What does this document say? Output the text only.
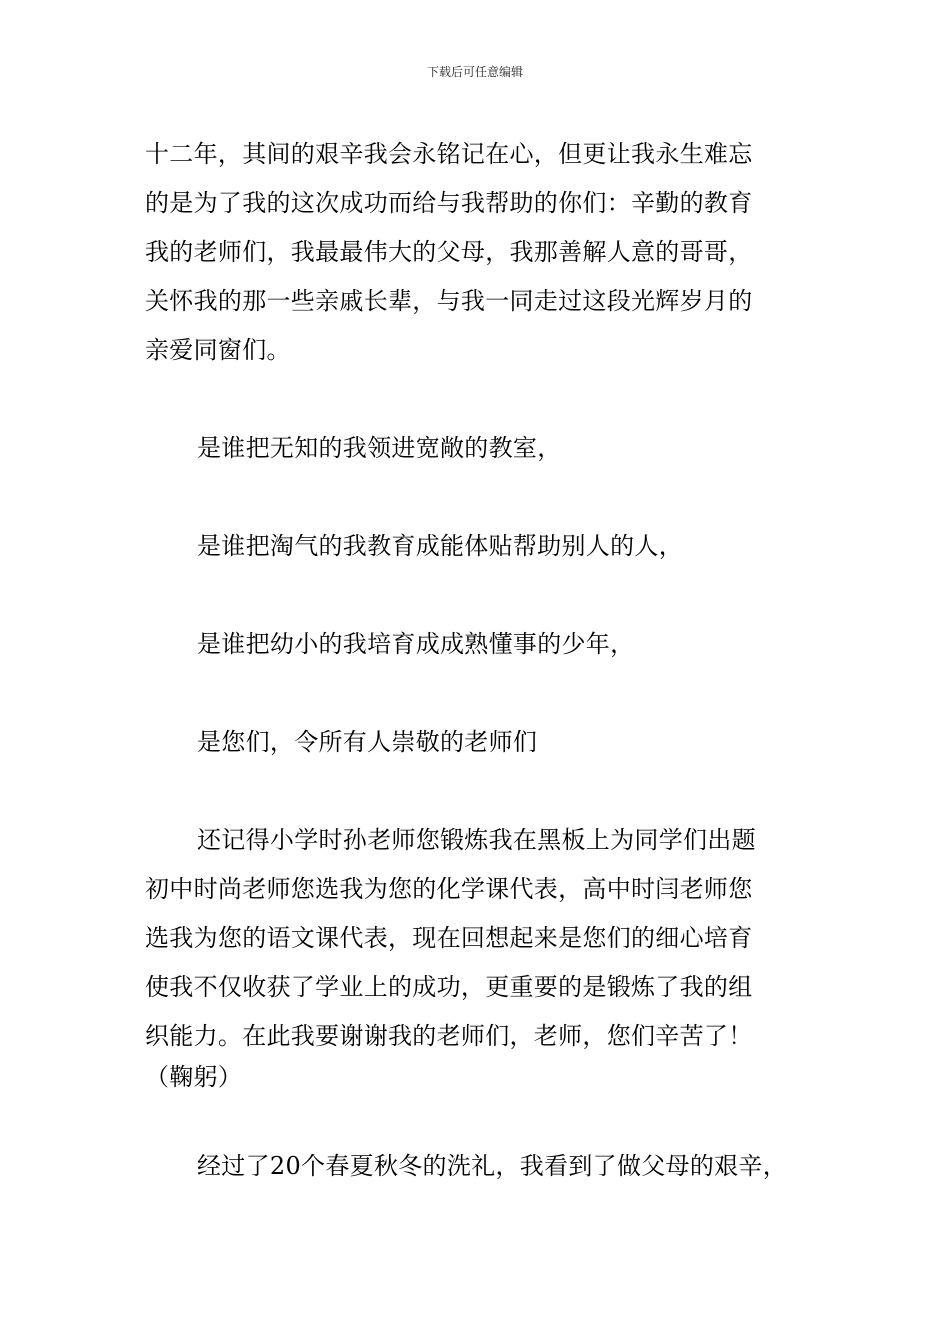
下载后可任意编辑

十二年，其间的艰辛我会永铭记在心，但更让我永生难忘
的是为了我的这次成功而给与我帮助的你们：辛勤的教育
我的老师们，我最最伟大的父母，我那善解人意的哥哥，
关怀我的那一些亲戚长辈，与我一同走过这段光辉岁月的
亲爱同窗们。

是谁把无知的我领进宽敞的教室，

是谁把淘气的我教育成能体贴帮助别人的人，

是谁把幼小的我培育成成熟懂事的少年，

是您们，令所有人崇敬的老师们

还记得小学时孙老师您锻炼我在黑板上为同学们出题
初中时尚老师您选我为您的化学课代表，高中时闫老师您
选我为您的语文课代表，现在回想起来是您们的细心培育
使我不仅收获了学业上的成功，更重要的是锻炼了我的组
织能力。在此我要谢谢我的老师们，老师，您们辛苦了！
（鞠躬）

经过了20个春夏秋冬的洗礼，我看到了做父母的艰辛，
